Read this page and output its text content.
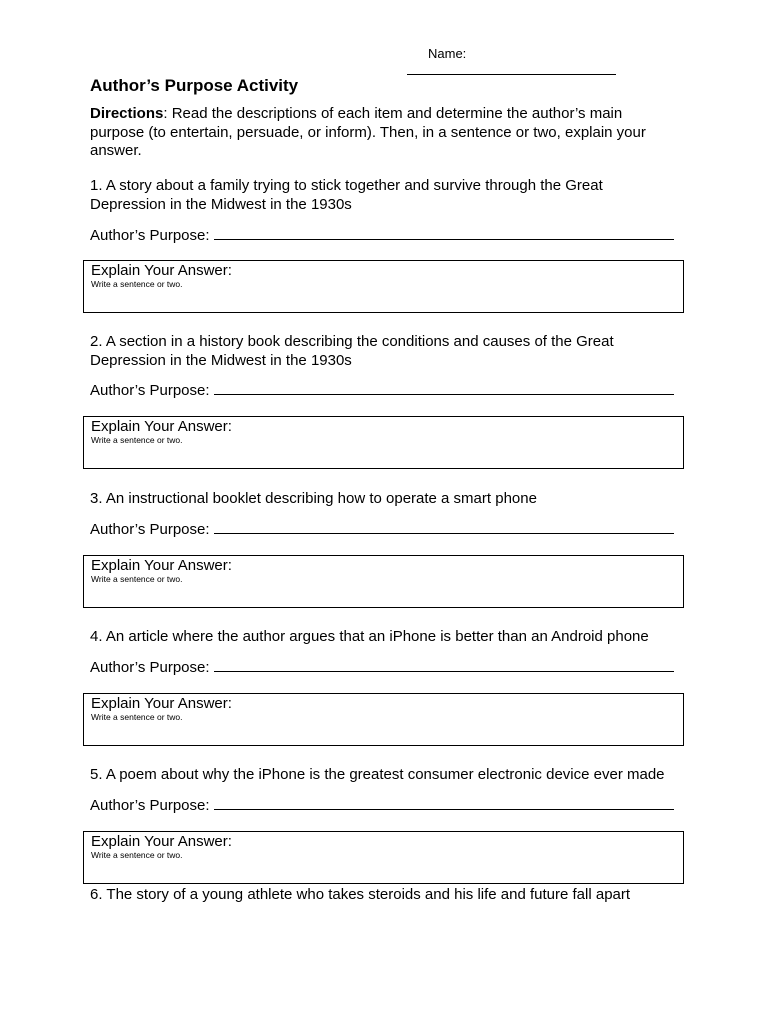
Name:
Author’s Purpose Activity
Directions: Read the descriptions of each item and determine the author’s main purpose (to entertain, persuade, or inform). Then, in a sentence or two, explain your answer.
1. A story about a family trying to stick together and survive through the Great Depression in the Midwest in the 1930s
Author’s Purpose:
Explain Your Answer:
Write a sentence or two.
2. A section in a history book describing the conditions and causes of the Great Depression in the Midwest in the 1930s
Author’s Purpose:
Explain Your Answer:
Write a sentence or two.
3. An instructional booklet describing how to operate a smart phone
Author’s Purpose:
Explain Your Answer:
Write a sentence or two.
4. An article where the author argues that an iPhone is better than an Android phone
Author’s Purpose:
Explain Your Answer:
Write a sentence or two.
5. A poem about why the iPhone is the greatest consumer electronic device ever made
Author’s Purpose:
Explain Your Answer:
Write a sentence or two.
6. The story of a young athlete who takes steroids and his life and future fall apart
